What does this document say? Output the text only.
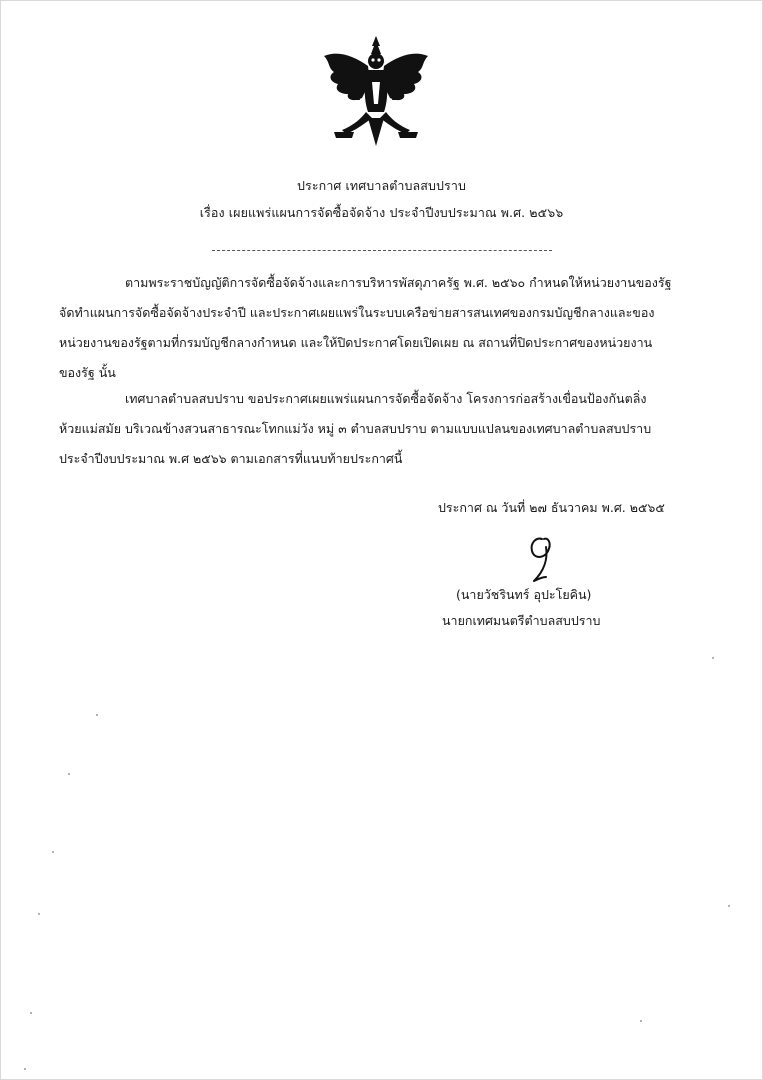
ประกาศ เทศบาลตำบลสบปราบ
เรื่อง เผยแพร่แผนการจัดซื้อจัดจ้าง ประจำปีงบประมาณ พ.ศ. ๒๕๖๖

ตามพระราชบัญญัติการจัดซื้อจัดจ้างและการบริหารพัสดุภาครัฐ พ.ศ. ๒๕๖๐ กำหนดให้หน่วยงานของรัฐ
จัดทำแผนการจัดซื้อจัดจ้างประจำปี และประกาศเผยแพร่ในระบบเครือข่ายสารสนเทศของกรมบัญชีกลางและของ
หน่วยงานของรัฐตามที่กรมบัญชีกลางกำหนด และให้ปิดประกาศโดยเปิดเผย ณ สถานที่ปิดประกาศของหน่วยงาน
ของรัฐ นั้น

เทศบาลตำบลสบปราบ ขอประกาศเผยแพร่แผนการจัดซื้อจัดจ้าง โครงการก่อสร้างเขื่อนป้องกันตลิ่ง
ห้วยแม่สมัย บริเวณข้างสวนสาธารณะโทกแม่วัง หมู่ ๓ ตำบลสบปราบ ตามแบบแปลนของเทศบาลตำบลสบปราบ
ประจำปีงบประมาณ พ.ศ ๒๕๖๖ ตามเอกสารที่แนบท้ายประกาศนี้

ประกาศ ณ วันที่ ๒๗ ธันวาคม พ.ศ. ๒๕๖๕
(นายวัชรินทร์ อุปะโยคิน)
นายกเทศมนตรีตำบลสบปราบ
